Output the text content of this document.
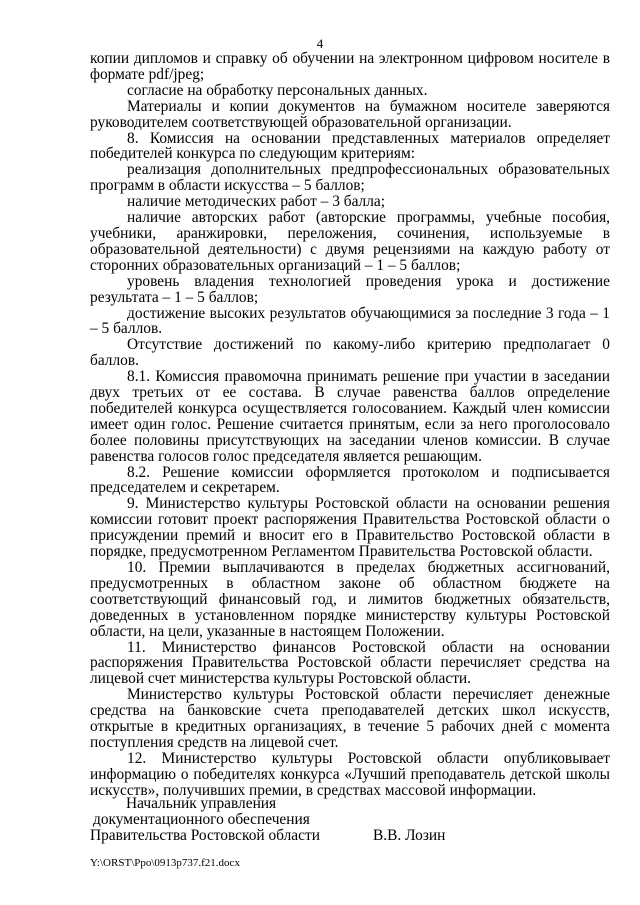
4

копии дипломов и справку об обучении на электронном цифровом носителе в формате pdf/jpeg;

согласие на обработку персональных данных.

Материалы и копии документов на бумажном носителе заверяются руководителем соответствующей образовательной организации.

8. Комиссия на основании представленных материалов определяет победителей конкурса по следующим критериям:

реализация дополнительных предпрофессиональных образовательных программ в области искусства – 5 баллов;

наличие методических работ – 3 балла;

наличие авторских работ (авторские программы, учебные пособия, учебники, аранжировки, переложения, сочинения, используемые в образовательной деятельности) с двумя рецензиями на каждую работу от сторонних образовательных организаций – 1 – 5 баллов;

уровень владения технологией проведения урока и достижение результата – 1 – 5 баллов;

достижение высоких результатов обучающимися за последние 3 года – 1 – 5 баллов.

Отсутствие достижений по какому-либо критерию предполагает 0 баллов.

8.1. Комиссия правомочна принимать решение при участии в заседании двух третьих от ее состава. В случае равенства баллов определение победителей конкурса осуществляется голосованием. Каждый член комиссии имеет один голос. Решение считается принятым, если за него проголосовало более половины присутствующих на заседании членов комиссии. В случае равенства голосов голос председателя является решающим.

8.2. Решение комиссии оформляется протоколом и подписывается председателем и секретарем.

9. Министерство культуры Ростовской области на основании решения комиссии готовит проект распоряжения Правительства Ростовской области о присуждении премий и вносит его в Правительство Ростовской области в порядке, предусмотренном Регламентом Правительства Ростовской области.

10. Премии выплачиваются в пределах бюджетных ассигнований, предусмотренных в областном законе об областном бюджете на соответствующий финансовый год, и лимитов бюджетных обязательств, доведенных в установленном порядке министерству культуры Ростовской области, на цели, указанные в настоящем Положении.

11. Министерство финансов Ростовской области на основании распоряжения Правительства Ростовской области перечисляет средства на лицевой счет министерства культуры Ростовской области.

Министерство культуры Ростовской области перечисляет денежные средства на банковские счета преподавателей детских школ искусств, открытые в кредитных организациях, в течение 5 рабочих дней с момента поступления средств на лицевой счет.

12. Министерство культуры Ростовской области опубликовывает информацию о победителях конкурса «Лучший преподаватель детской школы искусств», получивших премии, в средствах массовой информации.

Начальник управления
документационного обеспечения
Правительства Ростовской области	В.В. Лозин
Y:\ORST\Ppo\0913p737.f21.docx
